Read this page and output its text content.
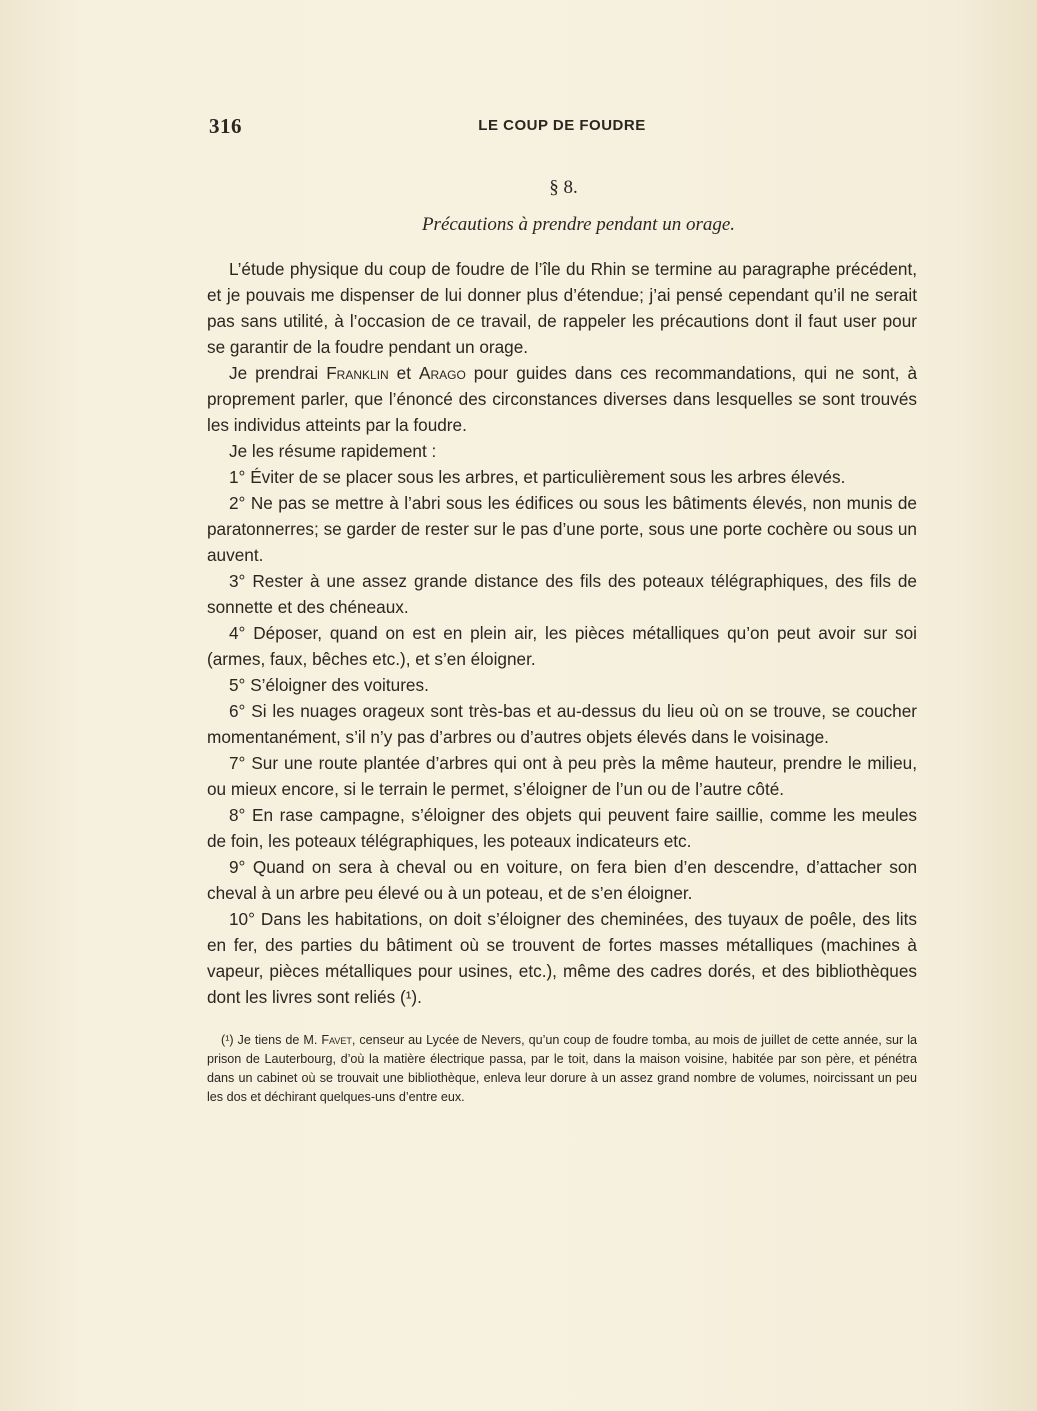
316	LE COUP DE FOUDRE
§ 8.
Précautions à prendre pendant un orage.

L’étude physique du coup de foudre de l’île du Rhin se termine au paragraphe précédent, et je pouvais me dispenser de lui donner plus d’étendue; j’ai pensé cependant qu’il ne serait pas sans utilité, à l’occasion de ce travail, de rappeler les précautions dont il faut user pour se garantir de la foudre pendant un orage.

Je prendrai Franklin et Arago pour guides dans ces recommandations, qui ne sont, à proprement parler, que l’énoncé des circonstances diverses dans lesquelles se sont trouvés les individus atteints par la foudre.

Je les résume rapidement :

1° Éviter de se placer sous les arbres, et particulièrement sous les arbres élevés.

2° Ne pas se mettre à l’abri sous les édifices ou sous les bâtiments élevés, non munis de paratonnerres; se garder de rester sur le pas d’une porte, sous une porte cochère ou sous un auvent.

3° Rester à une assez grande distance des fils des poteaux télégraphiques, des fils de sonnette et des chéneaux.

4° Déposer, quand on est en plein air, les pièces métalliques qu’on peut avoir sur soi (armes, faux, bêches etc.), et s’en éloigner.

5° S’éloigner des voitures.

6° Si les nuages orageux sont très-bas et au-dessus du lieu où on se trouve, se coucher momentanément, s’il n’y pas d’arbres ou d’autres objets élevés dans le voisinage.

7° Sur une route plantée d’arbres qui ont à peu près la même hauteur, prendre le milieu, ou mieux encore, si le terrain le permet, s’éloigner de l’un ou de l’autre côté.

8° En rase campagne, s’éloigner des objets qui peuvent faire saillie, comme les meules de foin, les poteaux télégraphiques, les poteaux indicateurs etc.

9° Quand on sera à cheval ou en voiture, on fera bien d’en descendre, d’attacher son cheval à un arbre peu élevé ou à un poteau, et de s’en éloigner.

10° Dans les habitations, on doit s’éloigner des cheminées, des tuyaux de poêle, des lits en fer, des parties du bâtiment où se trouvent de fortes masses métalliques (machines à vapeur, pièces métalliques pour usines, etc.), même des cadres dorés, et des bibliothèques dont les livres sont reliés (¹).

(¹) Je tiens de M. Favet, censeur au Lycée de Nevers, qu’un coup de foudre tomba, au mois de juillet de cette année, sur la prison de Lauterbourg, d’où la matière électrique passa, par le toit, dans la maison voisine, habitée par son père, et pénétra dans un cabinet où se trouvait une bibliothèque, enleva leur dorure à un assez grand nombre de volumes, noircissant un peu les dos et déchirant quelques-uns d’entre eux.
